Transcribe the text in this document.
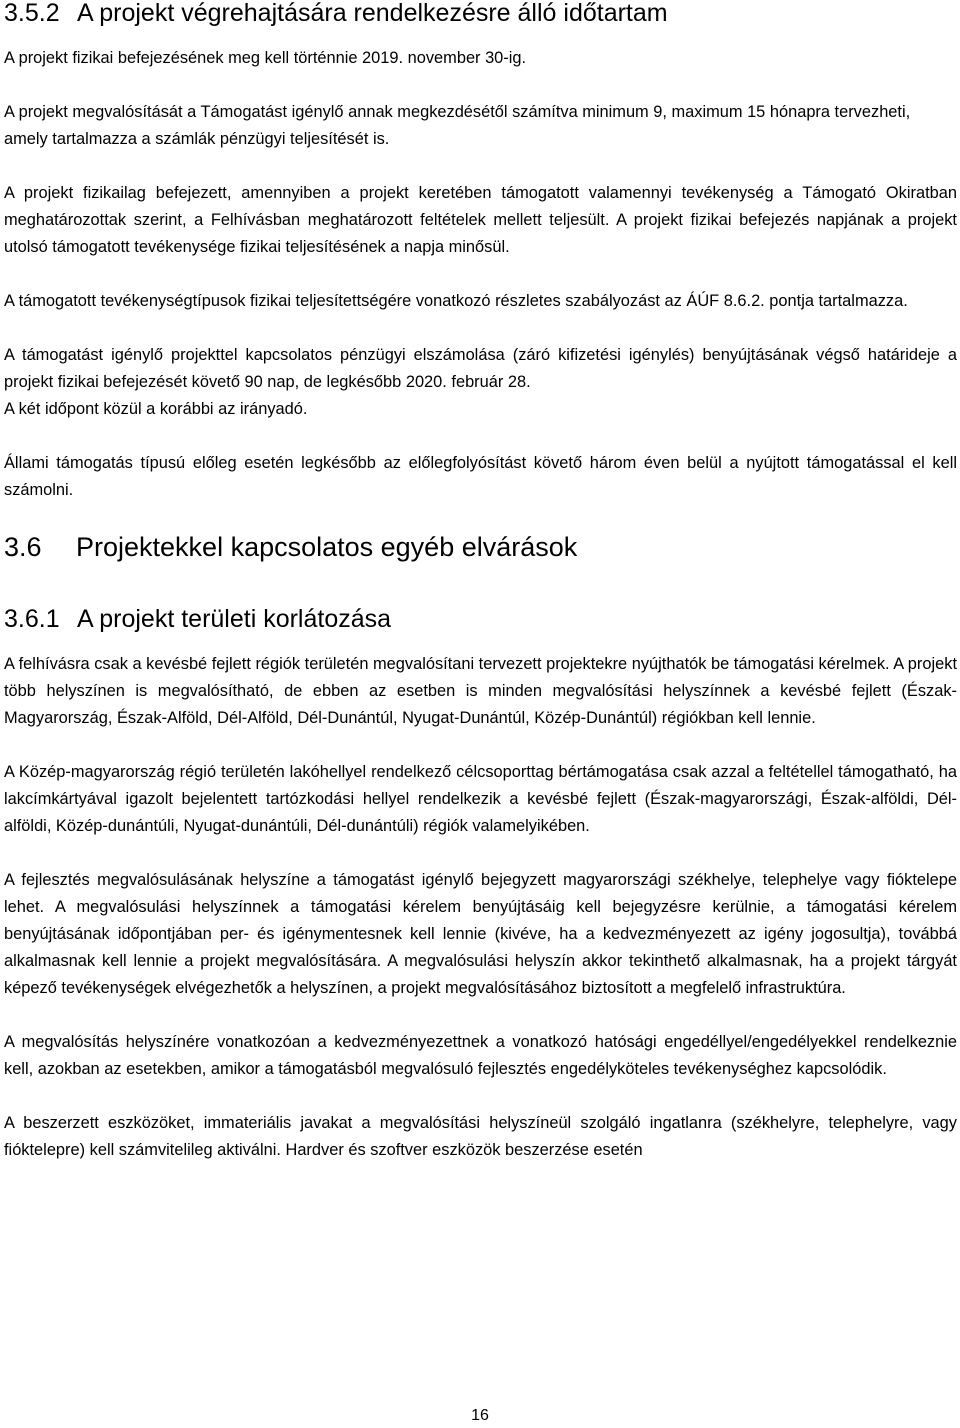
3.5.2 A projekt végrehajtására rendelkezésre álló időtartam

A projekt fizikai befejezésének meg kell történnie 2019. november 30-ig.

A projekt megvalósítását a Támogatást igénylő annak megkezdésétől számítva minimum 9, maximum 15 hónapra tervezheti, amely tartalmazza a számlák pénzügyi teljesítését is.

A projekt fizikailag befejezett, amennyiben a projekt keretében támogatott valamennyi tevékenység a Támogató Okiratban meghatározottak szerint, a Felhívásban meghatározott feltételek mellett teljesült. A projekt fizikai befejezés napjának a projekt utolsó támogatott tevékenysége fizikai teljesítésének a napja minősül.

A támogatott tevékenységtípusok fizikai teljesítettségére vonatkozó részletes szabályozást az ÁÚF 8.6.2. pontja tartalmazza.

A támogatást igénylő projekttel kapcsolatos pénzügyi elszámolása (záró kifizetési igénylés) benyújtásának végső határideje a projekt fizikai befejezését követő 90 nap, de legkésőbb 2020. február 28.

A két időpont közül a korábbi az irányadó.

Állami támogatás típusú előleg esetén legkésőbb az előlegfolyósítást követő három éven belül a nyújtott támogatással el kell számolni.

3.6 Projektekkel kapcsolatos egyéb elvárások
3.6.1 A projekt területi korlátozása

A felhívásra csak a kevésbé fejlett régiók területén megvalósítani tervezett projektekre nyújthatók be támogatási kérelmek. A projekt több helyszínen is megvalósítható, de ebben az esetben is minden megvalósítási helyszínnek a kevésbé fejlett (Észak-Magyarország, Észak-Alföld, Dél-Alföld, Dél-Dunántúl, Nyugat-Dunántúl, Közép-Dunántúl) régiókban kell lennie.

A Közép-magyarország régió területén lakóhellyel rendelkező célcsoporttag bértámogatása csak azzal a feltétellel támogatható, ha lakcímkártyával igazolt bejelentett tartózkodási hellyel rendelkezik a kevésbé fejlett (Észak-magyarországi, Észak-alföldi, Dél-alföldi, Közép-dunántúli, Nyugat-dunántúli, Dél-dunántúli) régiók valamelyikében.

A fejlesztés megvalósulásának helyszíne a támogatást igénylő bejegyzett magyarországi székhelye, telephelye vagy fióktelepe lehet. A megvalósulási helyszínnek a támogatási kérelem benyújtásáig kell bejegyzésre kerülnie, a támogatási kérelem benyújtásának időpontjában per- és igénymentesnek kell lennie (kivéve, ha a kedvezményezett az igény jogosultja), továbbá alkalmasnak kell lennie a projekt megvalósítására. A megvalósulási helyszín akkor tekinthető alkalmasnak, ha a projekt tárgyát képező tevékenységek elvégezhetők a helyszínen, a projekt megvalósításához biztosított a megfelelő infrastruktúra.

A megvalósítás helyszínére vonatkozóan a kedvezményezettnek a vonatkozó hatósági engedéllyel/engedélyekkel rendelkeznie kell, azokban az esetekben, amikor a támogatásból megvalósuló fejlesztés engedélyköteles tevékenységhez kapcsolódik.

A beszerzett eszközöket, immateriális javakat a megvalósítási helyszíneül szolgáló ingatlanra (székhelyre, telephelyre, vagy fióktelepre) kell számvitelileg aktiválni. Hardver és szoftver eszközök beszerzése esetén

16
